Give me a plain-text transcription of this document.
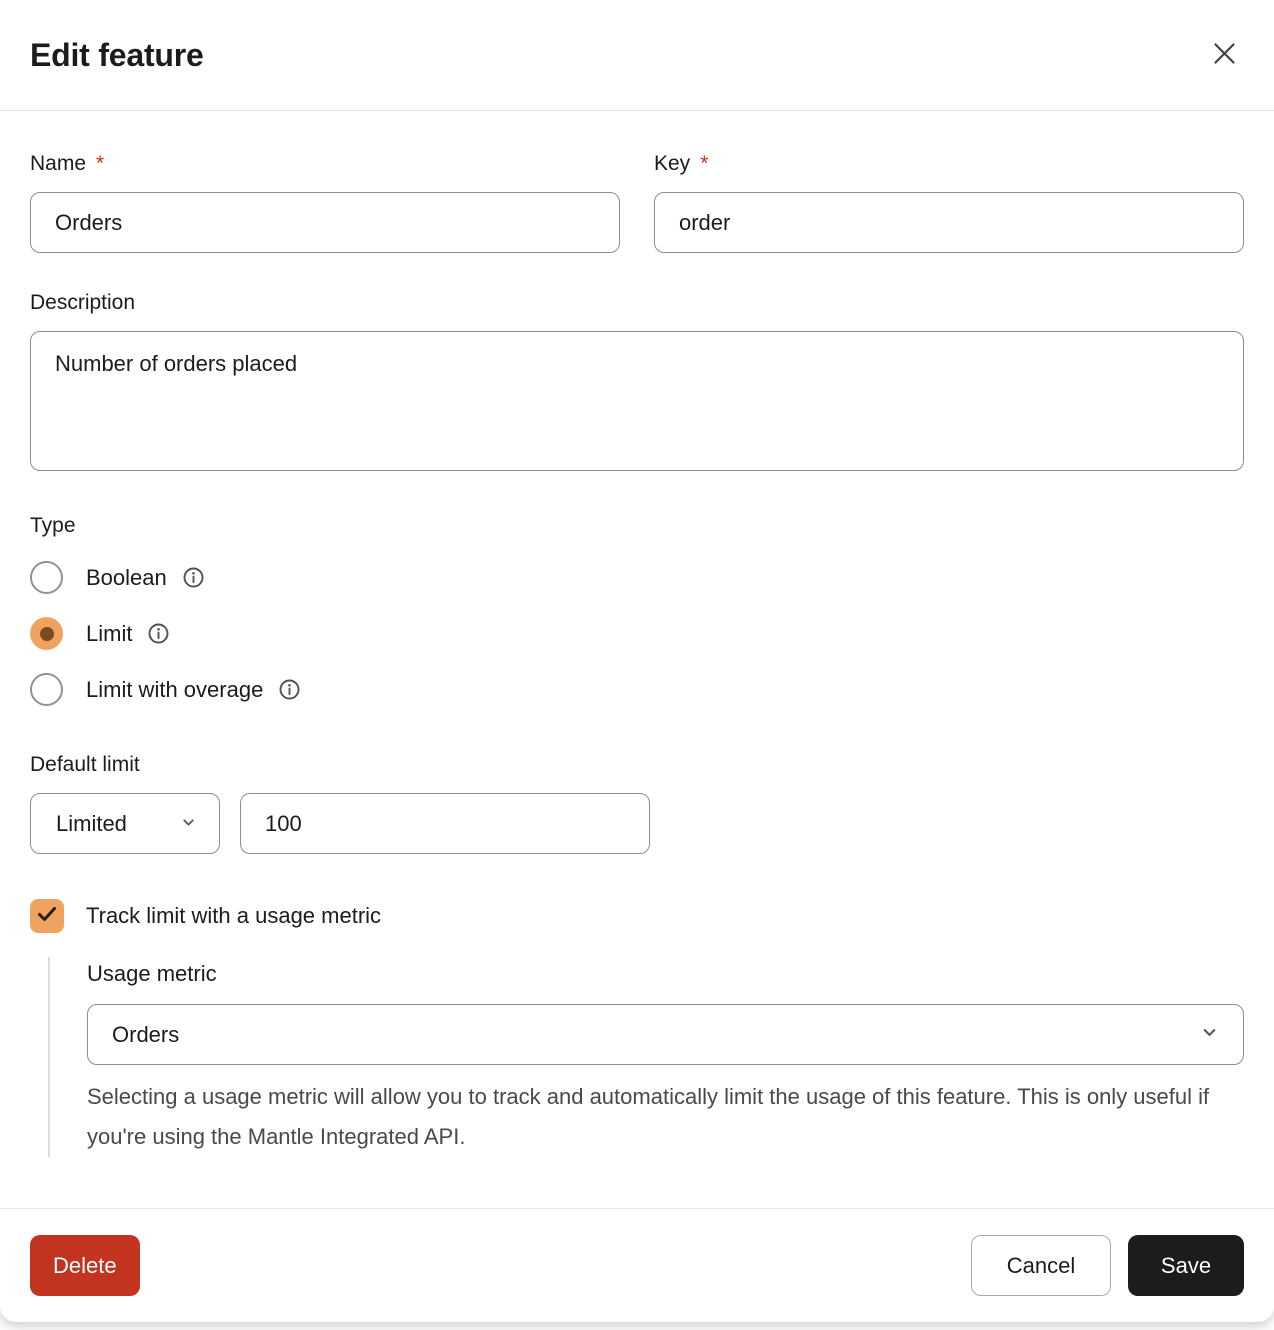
Edit feature
Name *
Orders	Key *
order
Description
Number of orders placed
Type
Boolean
Limit
Limit with overage
Default limit
Limited
100
Track limit with a usage metric
Usage metric
Orders

Selecting a usage metric will allow you to track and automatically limit the usage of this feature. This is only useful if you're using the Mantle Integrated API.

Delete	Cancel	Save
